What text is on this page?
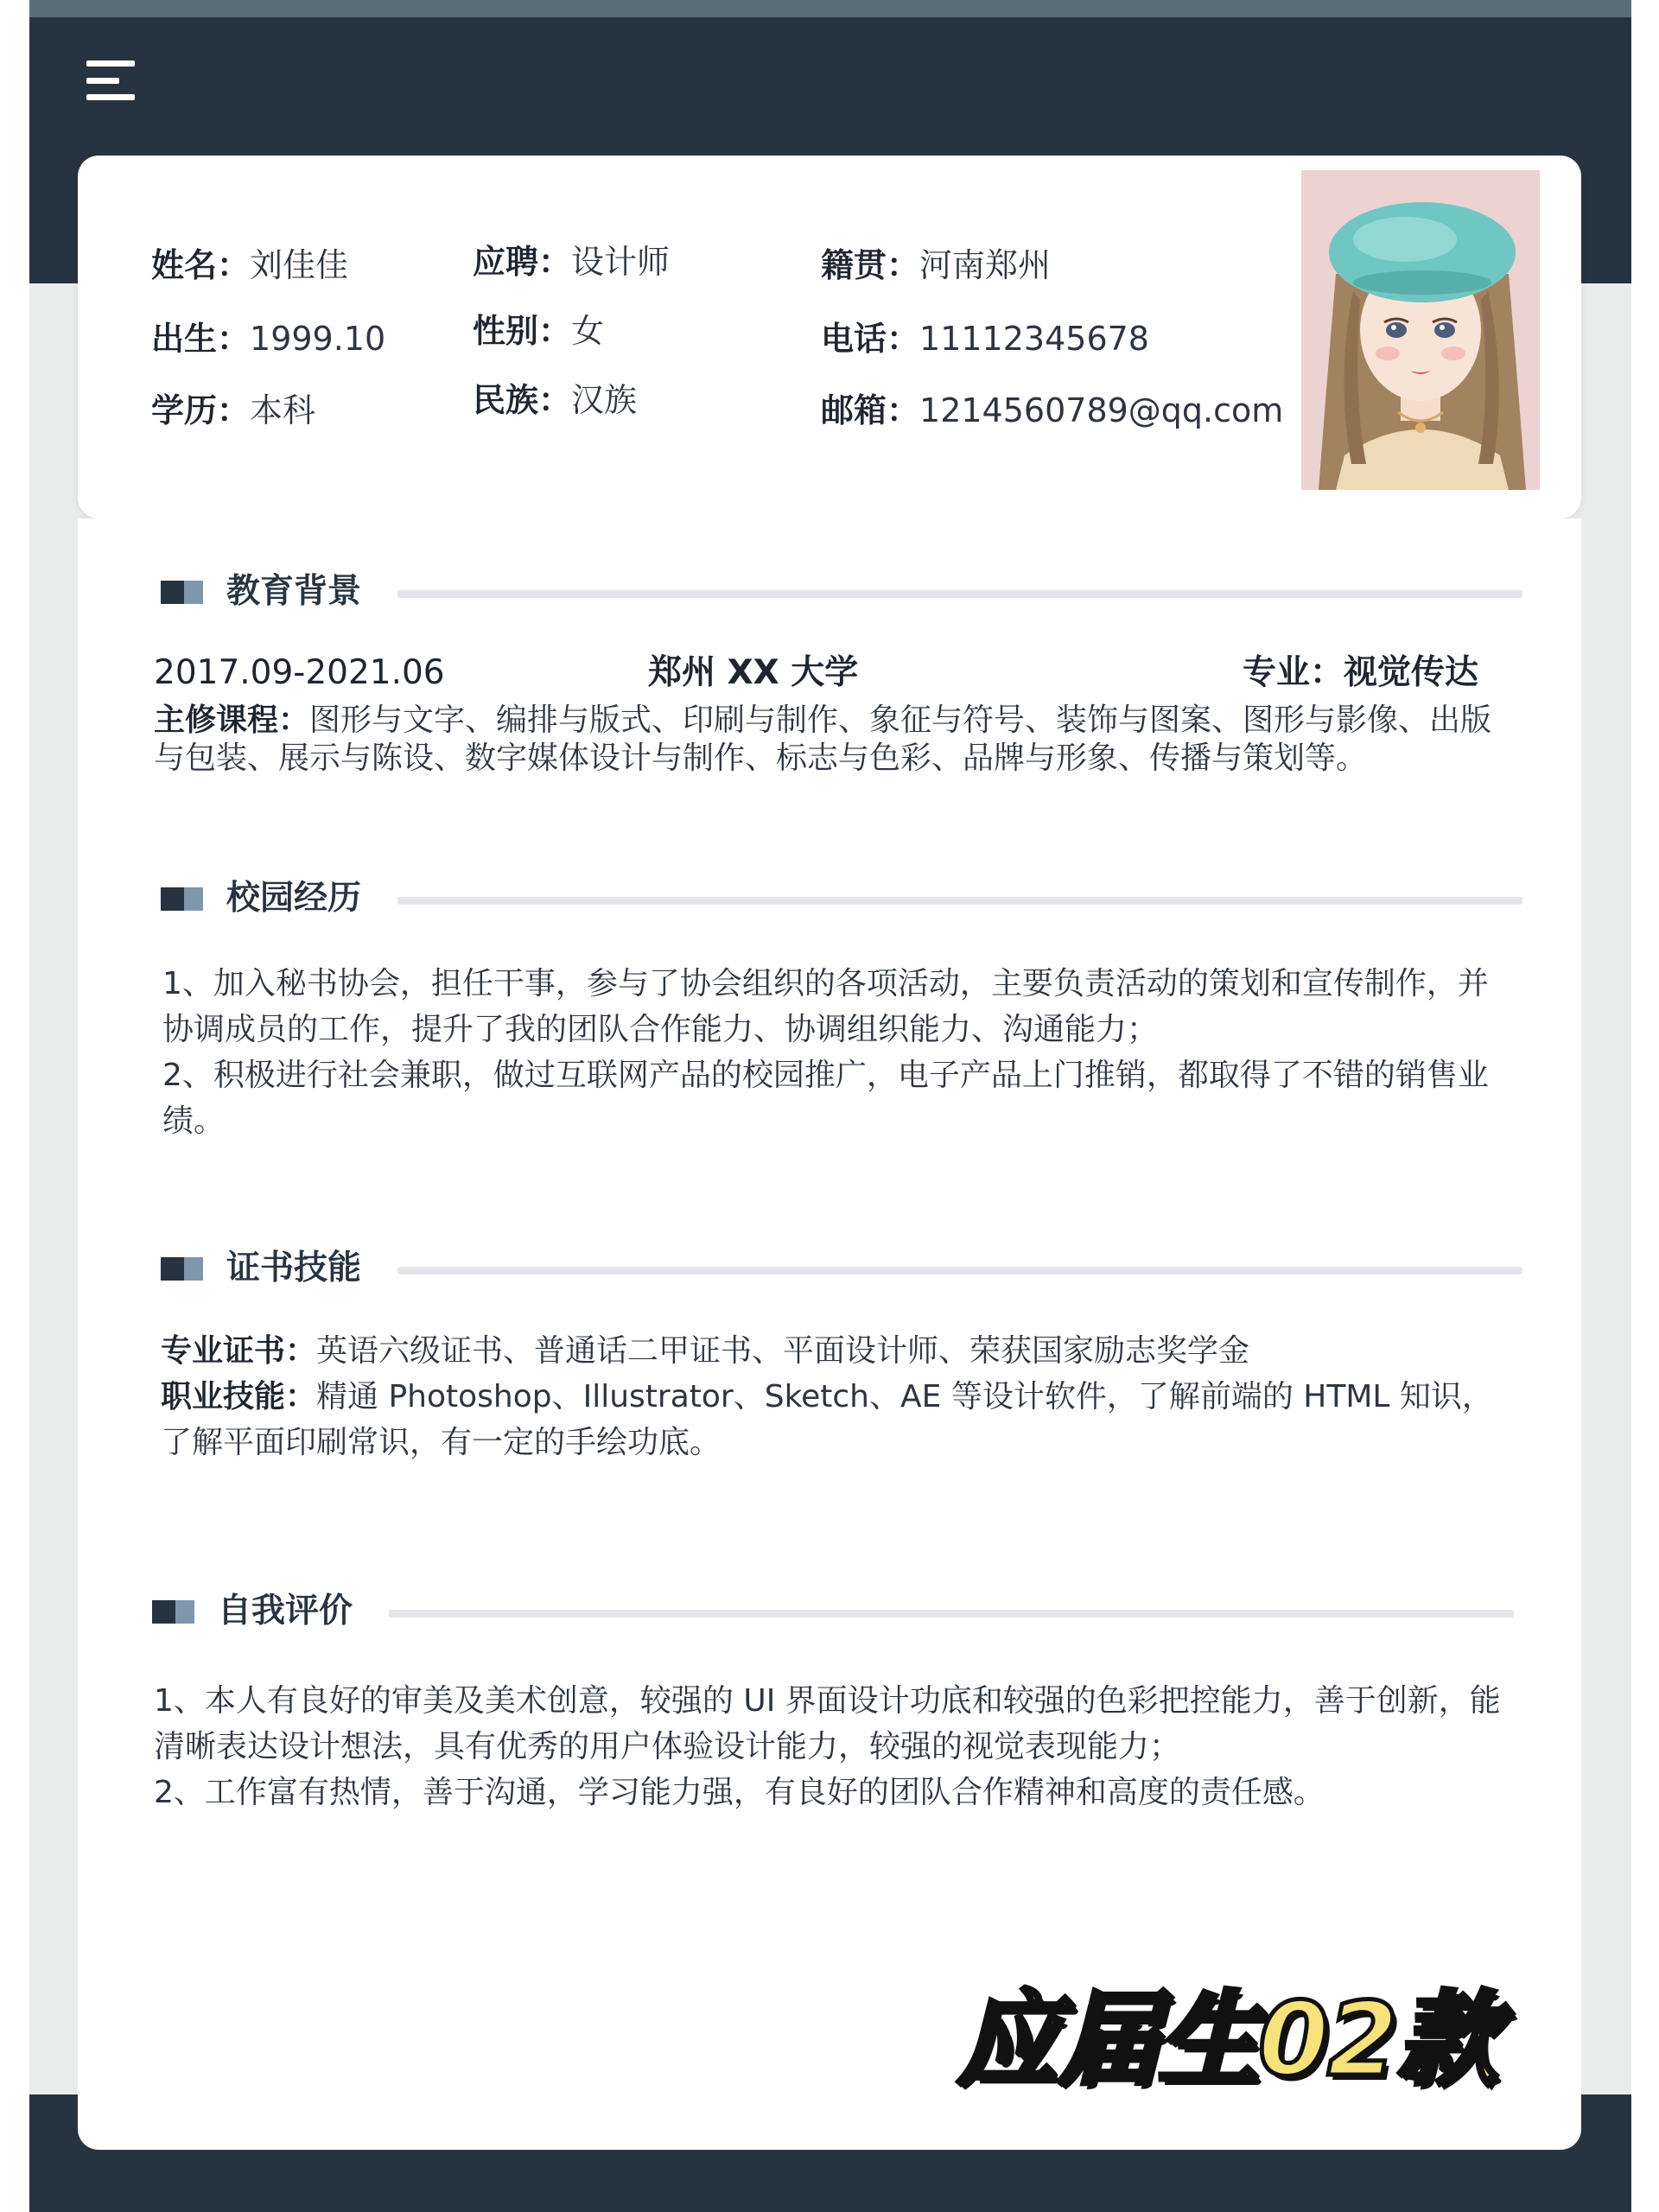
姓名：刘佳佳	应聘：设计师	籍贯：河南郑州
出生：1999.10	性别：女	电话：11112345678
学历：本科	民族：汉族	邮箱：1214560789@qq.com
教育背景
2017.09-2021.06	郑州 XX 大学	专业：视觉传达
主修课程：图形与文字、编排与版式、印刷与制作、象征与符号、装饰与图案、图形与影像、出版与包装、展示与陈设、数字媒体设计与制作、标志与色彩、品牌与形象、传播与策划等。
校园经历
1、加入秘书协会，担任干事，参与了协会组织的各项活动，主要负责活动的策划和宣传制作，并协调成员的工作，提升了我的团队合作能力、协调组织能力、沟通能力；
2、积极进行社会兼职，做过互联网产品的校园推广，电子产品上门推销，都取得了不错的销售业绩。
证书技能
专业证书：英语六级证书、普通话二甲证书、平面设计师、荣获国家励志奖学金
职业技能：精通 Photoshop、Illustrator、Sketch、AE 等设计软件，了解前端的 HTML 知识，了解平面印刷常识，有一定的手绘功底。
自我评价
1、本人有良好的审美及美术创意，较强的 UI 界面设计功底和较强的色彩把控能力，善于创新，能清晰表达设计想法，具有优秀的用户体验设计能力，较强的视觉表现能力；
2、工作富有热情，善于沟通，学习能力强，有良好的团队合作精神和高度的责任感。
应届生02款
